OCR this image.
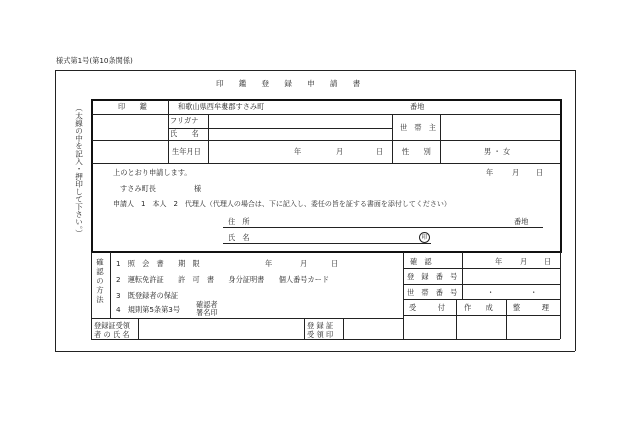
様式第1号(第10条関係)
印　　鑑　　登　　録　　申　　請　　書
（太線の中を記入・押印して下さい。）	印　　鑑	和歌山県西牟婁郡すさみ町	番地
フリガナ
氏　　名
世　帯　主
生年月日	年	月	日	性　　別	男 ・ 女
上のとおり申請します。	年	月 日
すさみ町長	様
申請人　1　本人　2　代理人（代理人の場合は、下に記入し、委任の旨を証する書面を添付してください）
住　所	番地
氏　名	印
確認の方法 1　照　会　書　　期　限	年	月	日
2　運転免許証　　許　可　書　　身分証明書　　個人番号カード
3　既登録者の保証
4　規則第5条第3号
確認者
署名印
登録証受領
者 の 氏 名
登 録 証
受 領 印
確　認	年 月 日
登　録　番　号
世　帯　番　号	・　　　　　・
受　　　付	作　　成	整　　　理
